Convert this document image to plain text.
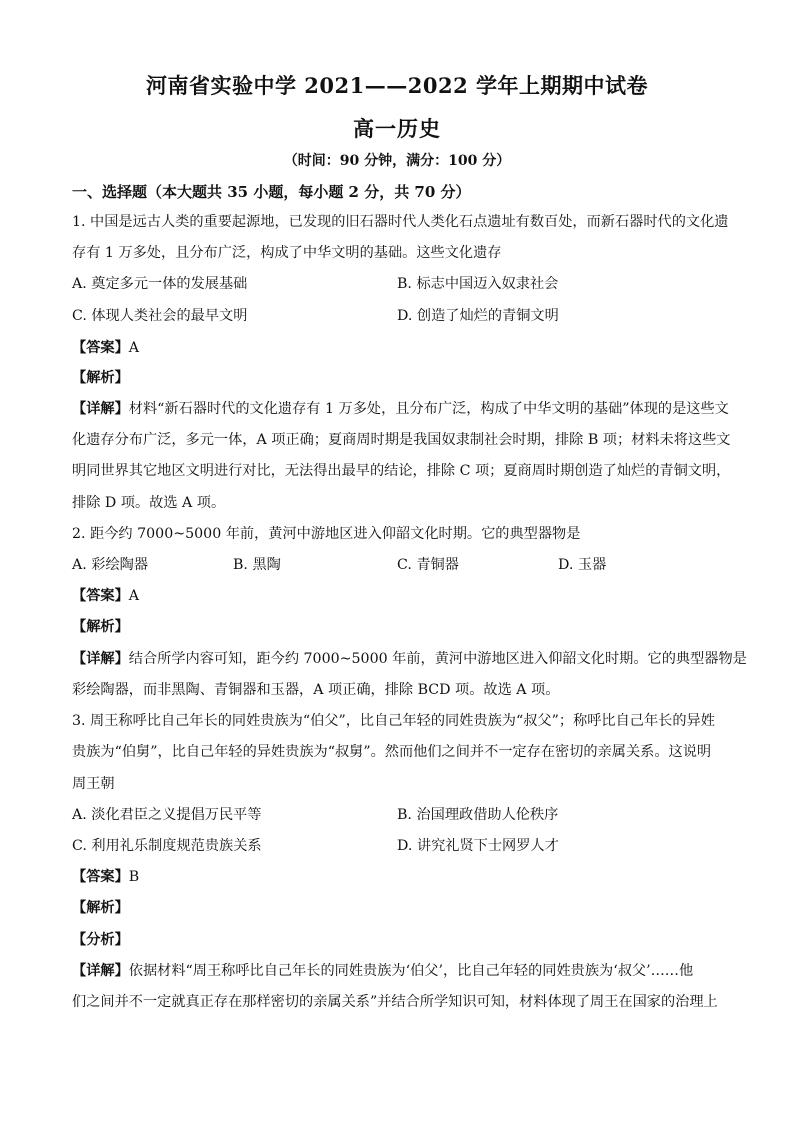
河南省实验中学 2021——2022 学年上期期中试卷
高一历史
（时间：90 分钟，满分：100 分）
一、选择题（本大题共 35 小题，每小题 2 分，共 70 分）
1. 中国是远古人类的重要起源地，已发现的旧石器时代人类化石点遗址有数百处，而新石器时代的文化遗
存有 1 万多处，且分布广泛，构成了中华文明的基础。这些文化遗存
A. 奠定多元一体的发展基础	B. 标志中国迈入奴隶社会
C. 体现人类社会的最早文明	D. 创造了灿烂的青铜文明
【答案】A
【解析】
【详解】材料“新石器时代的文化遗存有 1 万多处，且分布广泛，构成了中华文明的基础”体现的是这些文
化遗存分布广泛，多元一体，A 项正确；夏商周时期是我国奴隶制社会时期，排除 B 项；材料未将这些文
明同世界其它地区文明进行对比，无法得出最早的结论，排除 C 项；夏商周时期创造了灿烂的青铜文明，
排除 D 项。故选 A 项。
2. 距今约 7000~5000 年前，黄河中游地区进入仰韶文化时期。它的典型器物是
A. 彩绘陶器	B. 黑陶	C. 青铜器	D. 玉器
【答案】A
【解析】
【详解】结合所学内容可知，距今约 7000~5000 年前，黄河中游地区进入仰韶文化时期。它的典型器物是
彩绘陶器，而非黑陶、青铜器和玉器，A 项正确，排除 BCD 项。故选 A 项。
3. 周王称呼比自己年长的同姓贵族为“伯父”，比自己年轻的同姓贵族为“叔父”；称呼比自己年长的异姓
贵族为“伯舅”，比自己年轻的异姓贵族为“叔舅”。然而他们之间并不一定存在密切的亲属关系。这说明
周王朝
A. 淡化君臣之义提倡万民平等	B. 治国理政借助人伦秩序
C. 利用礼乐制度规范贵族关系	D. 讲究礼贤下士网罗人才
【答案】B
【解析】
【分析】
【详解】依据材料“周王称呼比自己年长的同姓贵族为‘伯父’，比自己年轻的同姓贵族为‘叔父’……他
们之间并不一定就真正存在那样密切的亲属关系”并结合所学知识可知，材料体现了周王在国家的治理上
